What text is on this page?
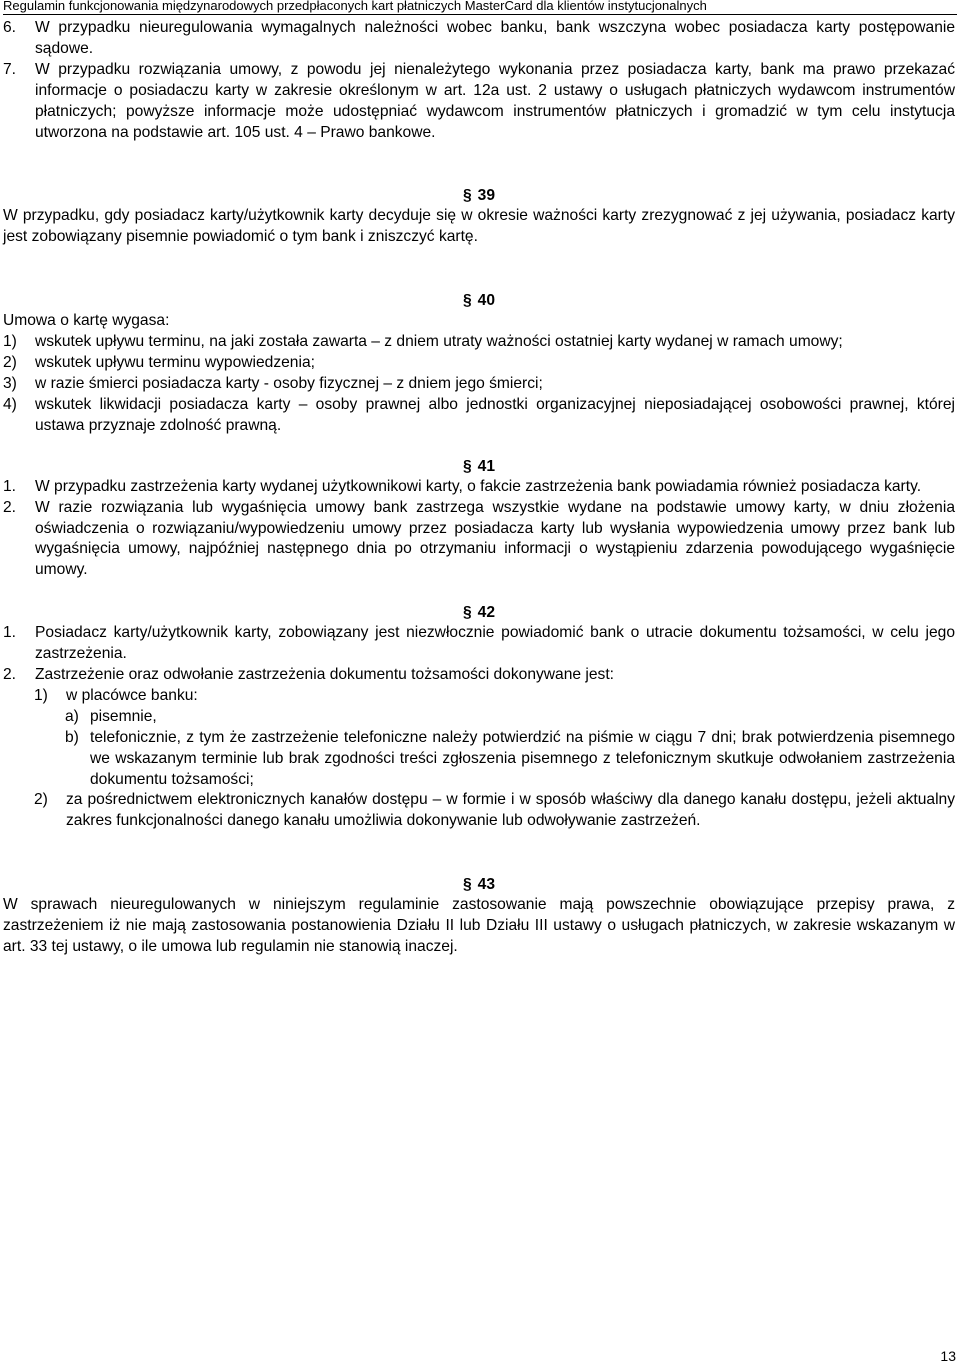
Regulamin funkcjonowania międzynarodowych przedpłaconych kart płatniczych MasterCard dla klientów instytucjonalnych
6. W przypadku nieuregulowania wymagalnych należności wobec banku, bank wszczyna wobec posiadacza karty postępowanie sądowe.
7. W przypadku rozwiązania umowy, z powodu jej nienależytego wykonania przez posiadacza karty, bank ma prawo przekazać informacje o posiadaczu karty w zakresie określonym w art. 12a ust. 2 ustawy o usługach płatniczych wydawcom instrumentów płatniczych; powyższe informacje może udostępniać wydawcom instrumentów płatniczych i gromadzić w tym celu instytucja utworzona na podstawie art. 105 ust. 4 – Prawo bankowe.
§ 39
W przypadku, gdy posiadacz karty/użytkownik karty decyduje się w okresie ważności karty zrezygnować z jej używania, posiadacz karty jest zobowiązany pisemnie powiadomić o tym bank i zniszczyć kartę.
§ 40
Umowa o kartę wygasa:
1) wskutek upływu terminu, na jaki została zawarta – z dniem utraty ważności ostatniej karty wydanej w ramach umowy;
2) wskutek upływu terminu wypowiedzenia;
3) w razie śmierci posiadacza karty - osoby fizycznej – z dniem jego śmierci;
4) wskutek likwidacji posiadacza karty – osoby prawnej albo jednostki organizacyjnej nieposiadającej osobowości prawnej, której ustawa przyznaje zdolność prawną.
§ 41
1. W przypadku zastrzeżenia karty wydanej użytkownikowi karty, o fakcie zastrzeżenia bank powiadamia również posiadacza karty.
2. W razie rozwiązania lub wygaśnięcia umowy bank zastrzega wszystkie wydane na podstawie umowy karty, w dniu złożenia oświadczenia o rozwiązaniu/wypowiedzeniu umowy przez posiadacza karty lub wysłania wypowiedzenia umowy przez bank lub wygaśnięcia umowy, najpóźniej następnego dnia po otrzymaniu informacji o wystąpieniu zdarzenia powodującego wygaśnięcie umowy.
§ 42
1. Posiadacz karty/użytkownik karty, zobowiązany jest niezwłocznie powiadomić bank o utracie dokumentu tożsamości, w celu jego zastrzeżenia.
2. Zastrzeżenie oraz odwołanie zastrzeżenia dokumentu tożsamości dokonywane jest:
1) w placówce banku:
a) pisemnie,
b) telefonicznie, z tym że zastrzeżenie telefoniczne należy potwierdzić na piśmie w ciągu 7 dni; brak potwierdzenia pisemnego we wskazanym terminie lub brak zgodności treści zgłoszenia pisemnego z telefonicznym skutkuje odwołaniem zastrzeżenia dokumentu tożsamości;
2) za pośrednictwem elektronicznych kanałów dostępu – w formie i w sposób właściwy dla danego kanału dostępu, jeżeli aktualny zakres funkcjonalności danego kanału umożliwia dokonywanie lub odwoływanie zastrzeżeń.
§ 43
W sprawach nieuregulowanych w niniejszym regulaminie zastosowanie mają powszechnie obowiązujące przepisy prawa, z zastrzeżeniem iż nie mają zastosowania postanowienia Działu II lub Działu III ustawy o usługach płatniczych, w zakresie wskazanym w art. 33 tej ustawy, o ile umowa lub regulamin nie stanowią inaczej.
13
